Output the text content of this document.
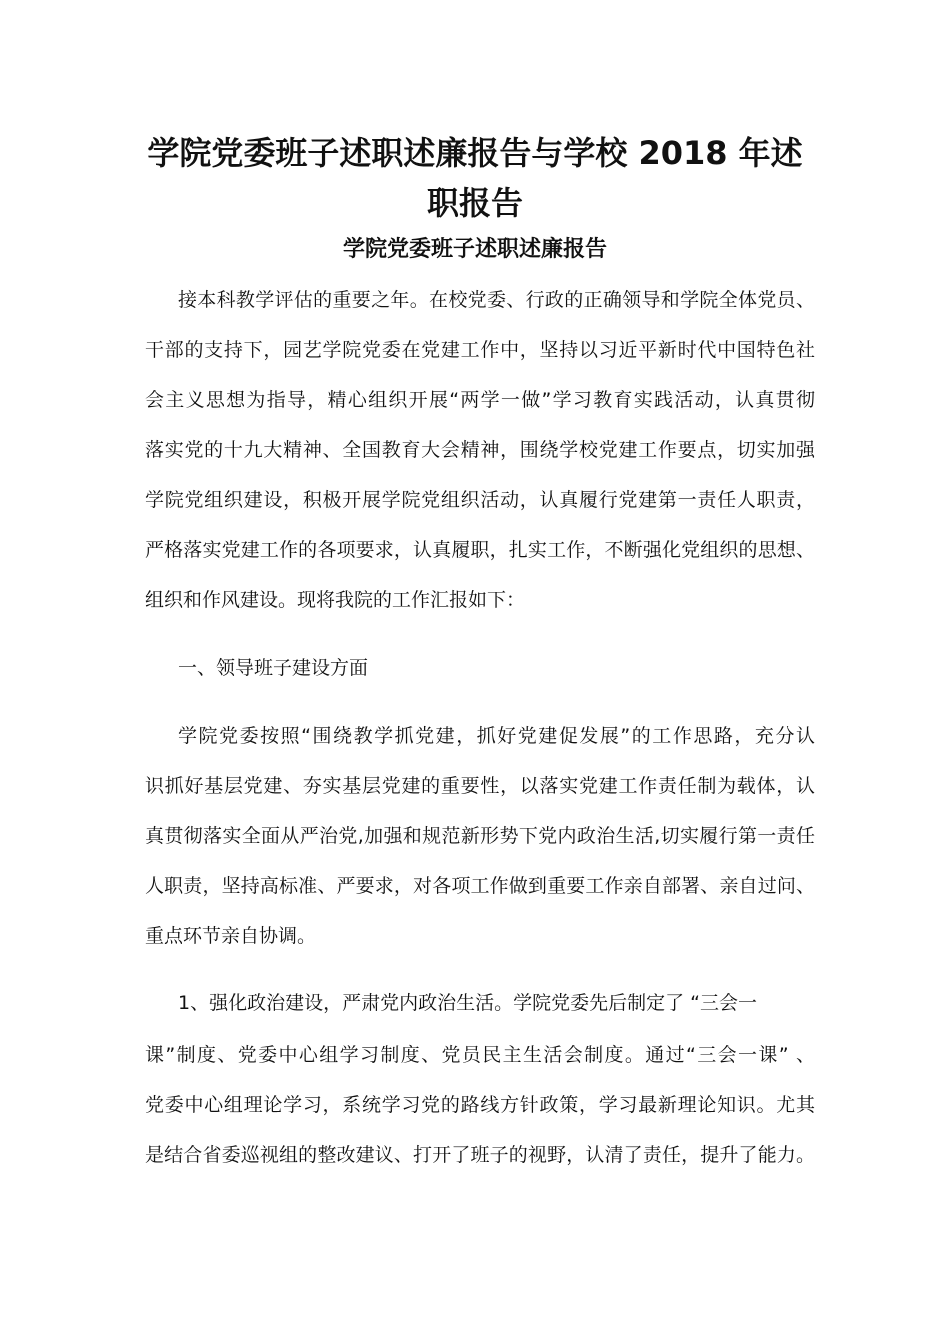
学院党委班子述职述廉报告与学校 2018 年述
职报告
学院党委班子述职述廉报告

接本科教学评估的重要之年。在校党委、行政的正确领导和学院全体党员、

干部的支持下，园艺学院党委在党建工作中，坚持以习近平新时代中国特色社

会主义思想为指导，精心组织开展“两学一做”学习教育实践活动，认真贯彻

落实党的十九大精神、全国教育大会精神，围绕学校党建工作要点，切实加强

学院党组织建设，积极开展学院党组织活动，认真履行党建第一责任人职责，

严格落实党建工作的各项要求，认真履职，扎实工作，不断强化党组织的思想、

组织和作风建设。现将我院的工作汇报如下：

一、领导班子建设方面

学院党委按照“围绕教学抓党建，抓好党建促发展”的工作思路，充分认

识抓好基层党建、夯实基层党建的重要性，以落实党建工作责任制为载体，认

真贯彻落实全面从严治党,加强和规范新形势下党内政治生活,切实履行第一责任

人职责，坚持高标准、严要求，对各项工作做到重要工作亲自部署、亲自过问、

重点环节亲自协调。

1、强化政治建设，严肃党内政治生活。学院党委先后制定了 “三会一

课”制度、党委中心组学习制度、党员民主生活会制度。通过“三会一课” 、

党委中心组理论学习，系统学习党的路线方针政策，学习最新理论知识。尤其

是结合省委巡视组的整改建议、打开了班子的视野，认清了责任，提升了能力。
